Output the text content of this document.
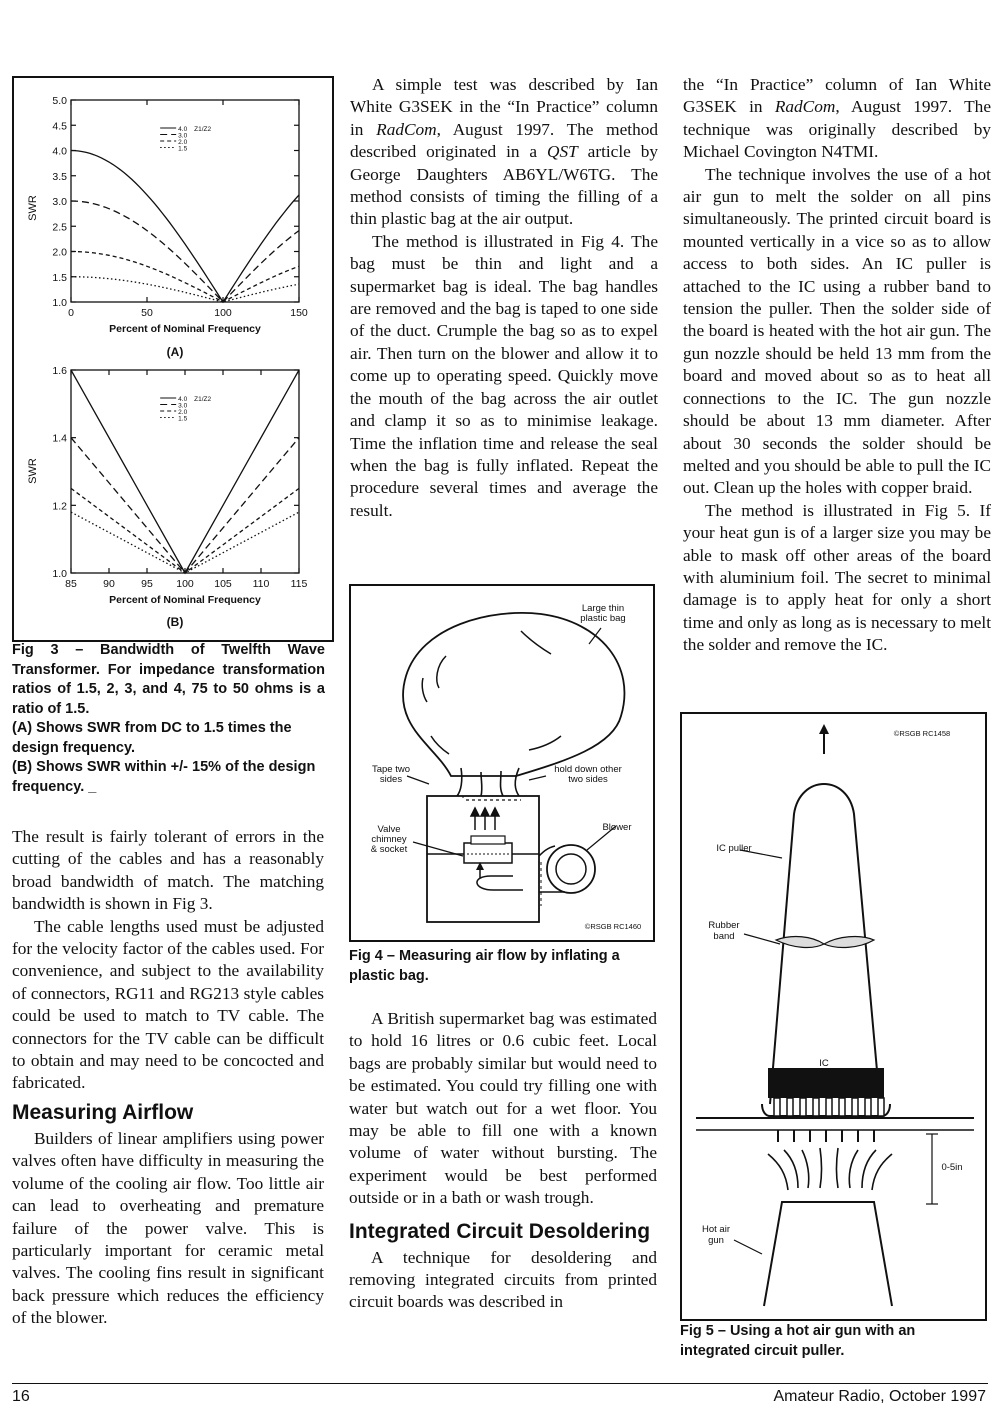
SWR
Percent of Nominal Frequency
(A)
4.0
3.0
2.0
1.5
Z1/Z2
5.0
4.5
4.0
3.5
3.0
2.5
2.0
1.5
1.0
0	50	100	150
SWR
Percent of Nominal Frequency
(B)
4.0
3.0
2.0
1.5
Z1/Z2
1.6
1.4
1.2
1.0
85	90	95 100 105 110 115

Fig 3 – Bandwidth of Twelfth Wave Transformer. For impedance transformation ratios of 1.5, 2, 3, and 4, 75 to 50 ohms is a ratio of 1.5.

(A) Shows SWR from DC to 1.5 times the design frequency.

(B) Shows SWR within +/- 15% of the design frequency. _

The result is fairly tolerant of errors in the cutting of the cables and has a reasonably broad bandwidth of match. The matching bandwidth is shown in Fig 3.

The cable lengths used must be adjusted for the velocity factor of the cables used. For convenience, and subject to the availability of connectors, RG11 and RG213 style cables could be used to match to TV cable. The connectors for the TV cable can be difficult to obtain and may need to be concocted and fabricated.

Measuring Airflow

Builders of linear amplifiers using power valves often have difficulty in measuring the volume of the cooling air flow. Too little air can lead to overheating and premature failure of the power valve. This is particularly important for ceramic metal valves. The cooling fins result in significant back pressure which reduces the efficiency of the blower.

A simple test was described by Ian White G3SEK in the “In Practice” column in RadCom, August 1997. The method described originated in a QST article by George Daughters AB6YL/W6TG. The method consists of timing the filling of a thin plastic bag at the air output.

The method is illustrated in Fig 4. The bag must be thin and light and a supermarket bag is ideal. The bag handles are removed and the bag is taped to one side of the duct. Crumple the bag so as to expel air. Then turn on the blower and allow it to come up to operating speed. Quickly move the mouth of the bag across the air outlet and clamp it so as to minimise leakage. Time the inflation time and release the seal when the bag is fully inflated. Repeat the procedure several times and average the result.

Large thin plastic bag
Tape two sides
hold down other two sides
Valve chimney & socket
Blower
©RSGB RC1460
Fig 4 – Measuring air flow by inflating a plastic bag.

A British supermarket bag was estimated to hold 16 litres or 0.6 cubic feet. Local bags are probably similar but would need to be estimated. You could try filling one with water but watch out for a wet floor. You may be able to fill one with a known volume of water without bursting. The experiment would be best performed outside or in a bath or wash trough.

Integrated Circuit Desoldering

A technique for desoldering and removing integrated circuits from printed circuit boards was described in

the “In Practice” column of Ian White G3SEK in RadCom, August 1997. The technique was originally described by Michael Covington N4TMI.

The technique involves the use of a hot air gun to melt the solder on all pins simultaneously. The printed circuit board is mounted vertically in a vice so as to allow access to both sides. An IC puller is attached to the IC using a rubber band to tension the puller. Then the solder side of the board is heated with the hot air gun. The gun nozzle should be held 13 mm from the board and moved about so as to heat all connections to the IC. The gun nozzle should be about 13 mm diameter. After about 30 seconds the solder should be melted and you should be able to pull the IC out. Clean up the holes with copper braid.

The method is illustrated in Fig 5. If your heat gun is of a larger size you may be able to mask off other areas of the board with aluminium foil. The secret to minimal damage is to apply heat for only a short time and only as long as is necessary to melt the solder and remove the IC.

©RSGB RC1458
0-5in
IC puller
Rubber band
IC
Hot air gun
Fig 5 – Using a hot air gun with an integrated circuit puller.
16	Amateur Radio, October 1997
